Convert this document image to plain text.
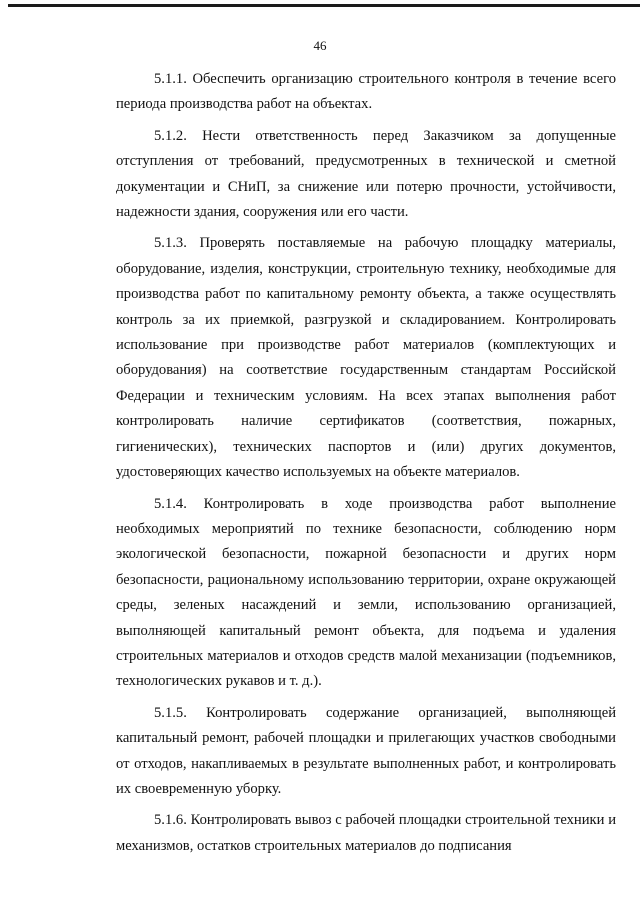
46

5.1.1. Обеспечить организацию строительного контроля в течение всего периода производства работ на объектах.

5.1.2. Нести ответственность перед Заказчиком за допущенные отступления от требований, предусмотренных в технической и сметной документации и СНиП, за снижение или потерю прочности, устойчивости, надежности здания, сооружения или его части.

5.1.3. Проверять поставляемые на рабочую площадку материалы, оборудование, изделия, конструкции, строительную технику, необходимые для производства работ по капитальному ремонту объекта, а также осуществлять контроль за их приемкой, разгрузкой и складированием. Контролировать использование при производстве работ материалов (комплектующих и оборудования) на соответствие государственным стандартам Российской Федерации и техническим условиям. На всех этапах выполнения работ контролировать наличие сертификатов (соответствия, пожарных, гигиенических), технических паспортов и (или) других документов, удостоверяющих качество используемых на объекте материалов.

5.1.4. Контролировать в ходе производства работ выполнение необходимых мероприятий по технике безопасности, соблюдению норм экологической безопасности, пожарной безопасности и других норм безопасности, рациональному использованию территории, охране окружающей среды, зеленых насаждений и земли, использованию организацией, выполняющей капитальный ремонт объекта, для подъема и удаления строительных материалов и отходов средств малой механизации (подъемников, технологических рукавов и т. д.).

5.1.5. Контролировать содержание организацией, выполняющей капитальный ремонт, рабочей площадки и прилегающих участков свободными от отходов, накапливаемых в результате выполненных работ, и контролировать их своевременную уборку.

5.1.6. Контролировать вывоз с рабочей площадки строительной техники и механизмов, остатков строительных материалов до подписания
